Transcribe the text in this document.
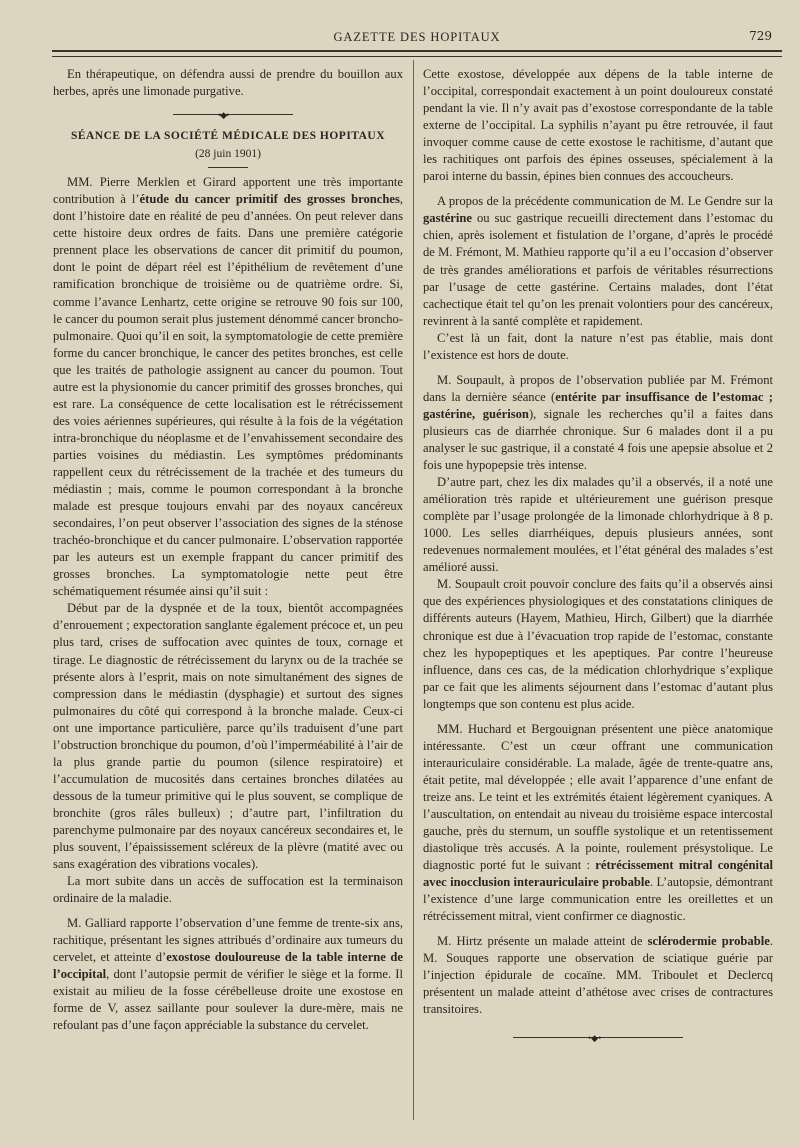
GAZETTE DES HOPITAUX	729

En thérapeutique, on défendra aussi de prendre du bouillon aux herbes, après une limonade purgative.

•◆•
SÉANCE DE LA SOCIÉTÉ MÉDICALE DES HOPITAUX
(28 juin 1901)

MM. Pierre Merklen et Girard apportent une très importante contribution à l’étude du cancer primitif des grosses bronches, dont l’histoire date en réalité de peu d’années. On peut relever dans cette histoire deux ordres de faits. Dans une première catégorie prennent place les observations de cancer dit primitif du poumon, dont le point de départ réel est l’épithélium de revêtement d’une ramification bronchique de troisième ou de quatrième ordre. Si, comme l’avance Lenhartz, cette origine se retrouve 90 fois sur 100, le cancer du poumon serait plus justement dénommé cancer broncho-pulmonaire. Quoi qu’il en soit, la symptomatologie de cette première forme du cancer bronchique, le cancer des petites bronches, est celle que les traités de pathologie assignent au cancer du poumon. Tout autre est la physionomie du cancer primitif des grosses bronches, qui est rare. La conséquence de cette localisation est le rétrécissement des voies aériennes supérieures, qui résulte à la fois de la végétation intra-bronchique du néoplasme et de l’envahissement secondaire des parties voisines du médiastin. Les symptômes prédominants rappellent ceux du rétrécissement de la trachée et des tumeurs du médiastin ; mais, comme le poumon correspondant à la bronche malade est presque toujours envahi par des noyaux cancéreux secondaires, l’on peut observer l’association des signes de la sténose trachéo-bronchique et du cancer pulmonaire. L’observation rapportée par les auteurs est un exemple frappant du cancer primitif des grosses bronches. La symptomatologie nette peut être schématiquement résumée ainsi qu’il suit :

Début par de la dyspnée et de la toux, bientôt accompagnées d’enrouement ; expectoration sanglante également précoce et, un peu plus tard, crises de suffocation avec quintes de toux, cornage et tirage. Le diagnostic de rétrécissement du larynx ou de la trachée se présente alors à l’esprit, mais on note simultanément des signes de compression dans le médiastin (dysphagie) et surtout des signes pulmonaires du côté qui correspond à la bronche malade. Ceux-ci ont une importance particulière, parce qu’ils traduisent d’une part l’obstruction bronchique du poumon, d’où l’imperméabilité à l’air de la plus grande partie du poumon (silence respiratoire) et l’accumulation de mucosités dans certaines bronches dilatées au dessous de la tumeur primitive qui le plus souvent, se complique de bronchite (gros râles bulleux) ; d’autre part, l’infiltration du parenchyme pulmonaire par des noyaux cancéreux secondaires et, le plus souvent, l’épaississement scléreux de la plèvre (matité avec ou sans exagération des vibrations vocales).

La mort subite dans un accès de suffocation est la terminaison ordinaire de la maladie.

M. Galliard rapporte l’observation d’une femme de trente-six ans, rachitique, présentant les signes attribués d’ordinaire aux tumeurs du cervelet, et atteinte d’exostose douloureuse de la table interne de l’occipital, dont l’autopsie permit de vérifier le siège et la forme. Il existait au milieu de la fosse cérébelleuse droite une exostose en forme de V, assez saillante pour soulever la dure-mère, mais ne refoulant pas d’une façon appréciable la substance du cervelet.

Cette exostose, développée aux dépens de la table interne de l’occipital, correspondait exactement à un point douloureux constaté pendant la vie. Il n’y avait pas d’exostose correspondante de la table externe de l’occipital. La syphilis n’ayant pu être retrouvée, il faut invoquer comme cause de cette exostose le rachitisme, d’autant que les rachitiques ont parfois des épines osseuses, spécialement à la paroi interne du bassin, épines bien connues des accoucheurs.

A propos de la précédente communication de M. Le Gendre sur la gastérine ou suc gastrique recueilli directement dans l’estomac du chien, après isolement et fistulation de l’organe, d’après le procédé de M. Frémont, M. Mathieu rapporte qu’il a eu l’occasion d’observer de très grandes améliorations et parfois de véritables résurrections par l’usage de cette gastérine. Certains malades, dont l’état cachectique était tel qu’on les prenait volontiers pour des cancéreux, revinrent à la santé complète et rapidement.

C’est là un fait, dont la nature n’est pas établie, mais dont l’existence est hors de doute.

M. Soupault, à propos de l’observation publiée par M. Frémont dans la dernière séance (entérite par insuffisance de l’estomac ; gastérine, guérison), signale les recherches qu’il a faites dans plusieurs cas de diarrhée chronique. Sur 6 malades dont il a pu analyser le suc gastrique, il a constaté 4 fois une apepsie absolue et 2 fois une hypopepsie très intense.

D’autre part, chez les dix malades qu’il a observés, il a noté une amélioration très rapide et ultérieurement une guérison presque complète par l’usage prolongée de la limonade chlorhydrique à 8 p. 1000. Les selles diarrhéiques, depuis plusieurs années, sont redevenues normalement moulées, et l’état général des malades s’est amélioré aussi.

M. Soupault croit pouvoir conclure des faits qu’il a observés ainsi que des expériences physiologiques et des constatations cliniques de différents auteurs (Hayem, Mathieu, Hirch, Gilbert) que la diarrhée chronique est due à l’évacuation trop rapide de l’estomac, constante chez les hypopeptiques et les apeptiques. Par contre l’heureuse influence, dans ces cas, de la médication chlorhydrique s’explique par ce fait que les aliments séjournent dans l’estomac d’autant plus longtemps que son contenu est plus acide.

MM. Huchard et Bergouignan présentent une pièce anatomique intéressante. C’est un cœur offrant une communication interauriculaire considérable. La malade, âgée de trente-quatre ans, était petite, mal développée ; elle avait l’apparence d’une enfant de treize ans. Le teint et les extrémités étaient légèrement cyaniques. A l’auscultation, on entendait au niveau du troisième espace intercostal gauche, près du sternum, un souffle systolique et un retentissement diastolique très accusés. A la pointe, roulement présystolique. Le diagnostic porté fut le suivant : rétrécissement mitral congénital avec inocclusion interauriculaire probable. L’autopsie, démontrant l’existence d’une large communication entre les oreillettes et un rétrécissement mitral, vient confirmer ce diagnostic.

M. Hirtz présente un malade atteint de sclérodermie probable. M. Souques rapporte une observation de sciatique guérie par l’injection épidurale de cocaïne. MM. Triboulet et Declercq présentent un malade atteint d’athétose avec crises de contractures transitoires.

•◆•
